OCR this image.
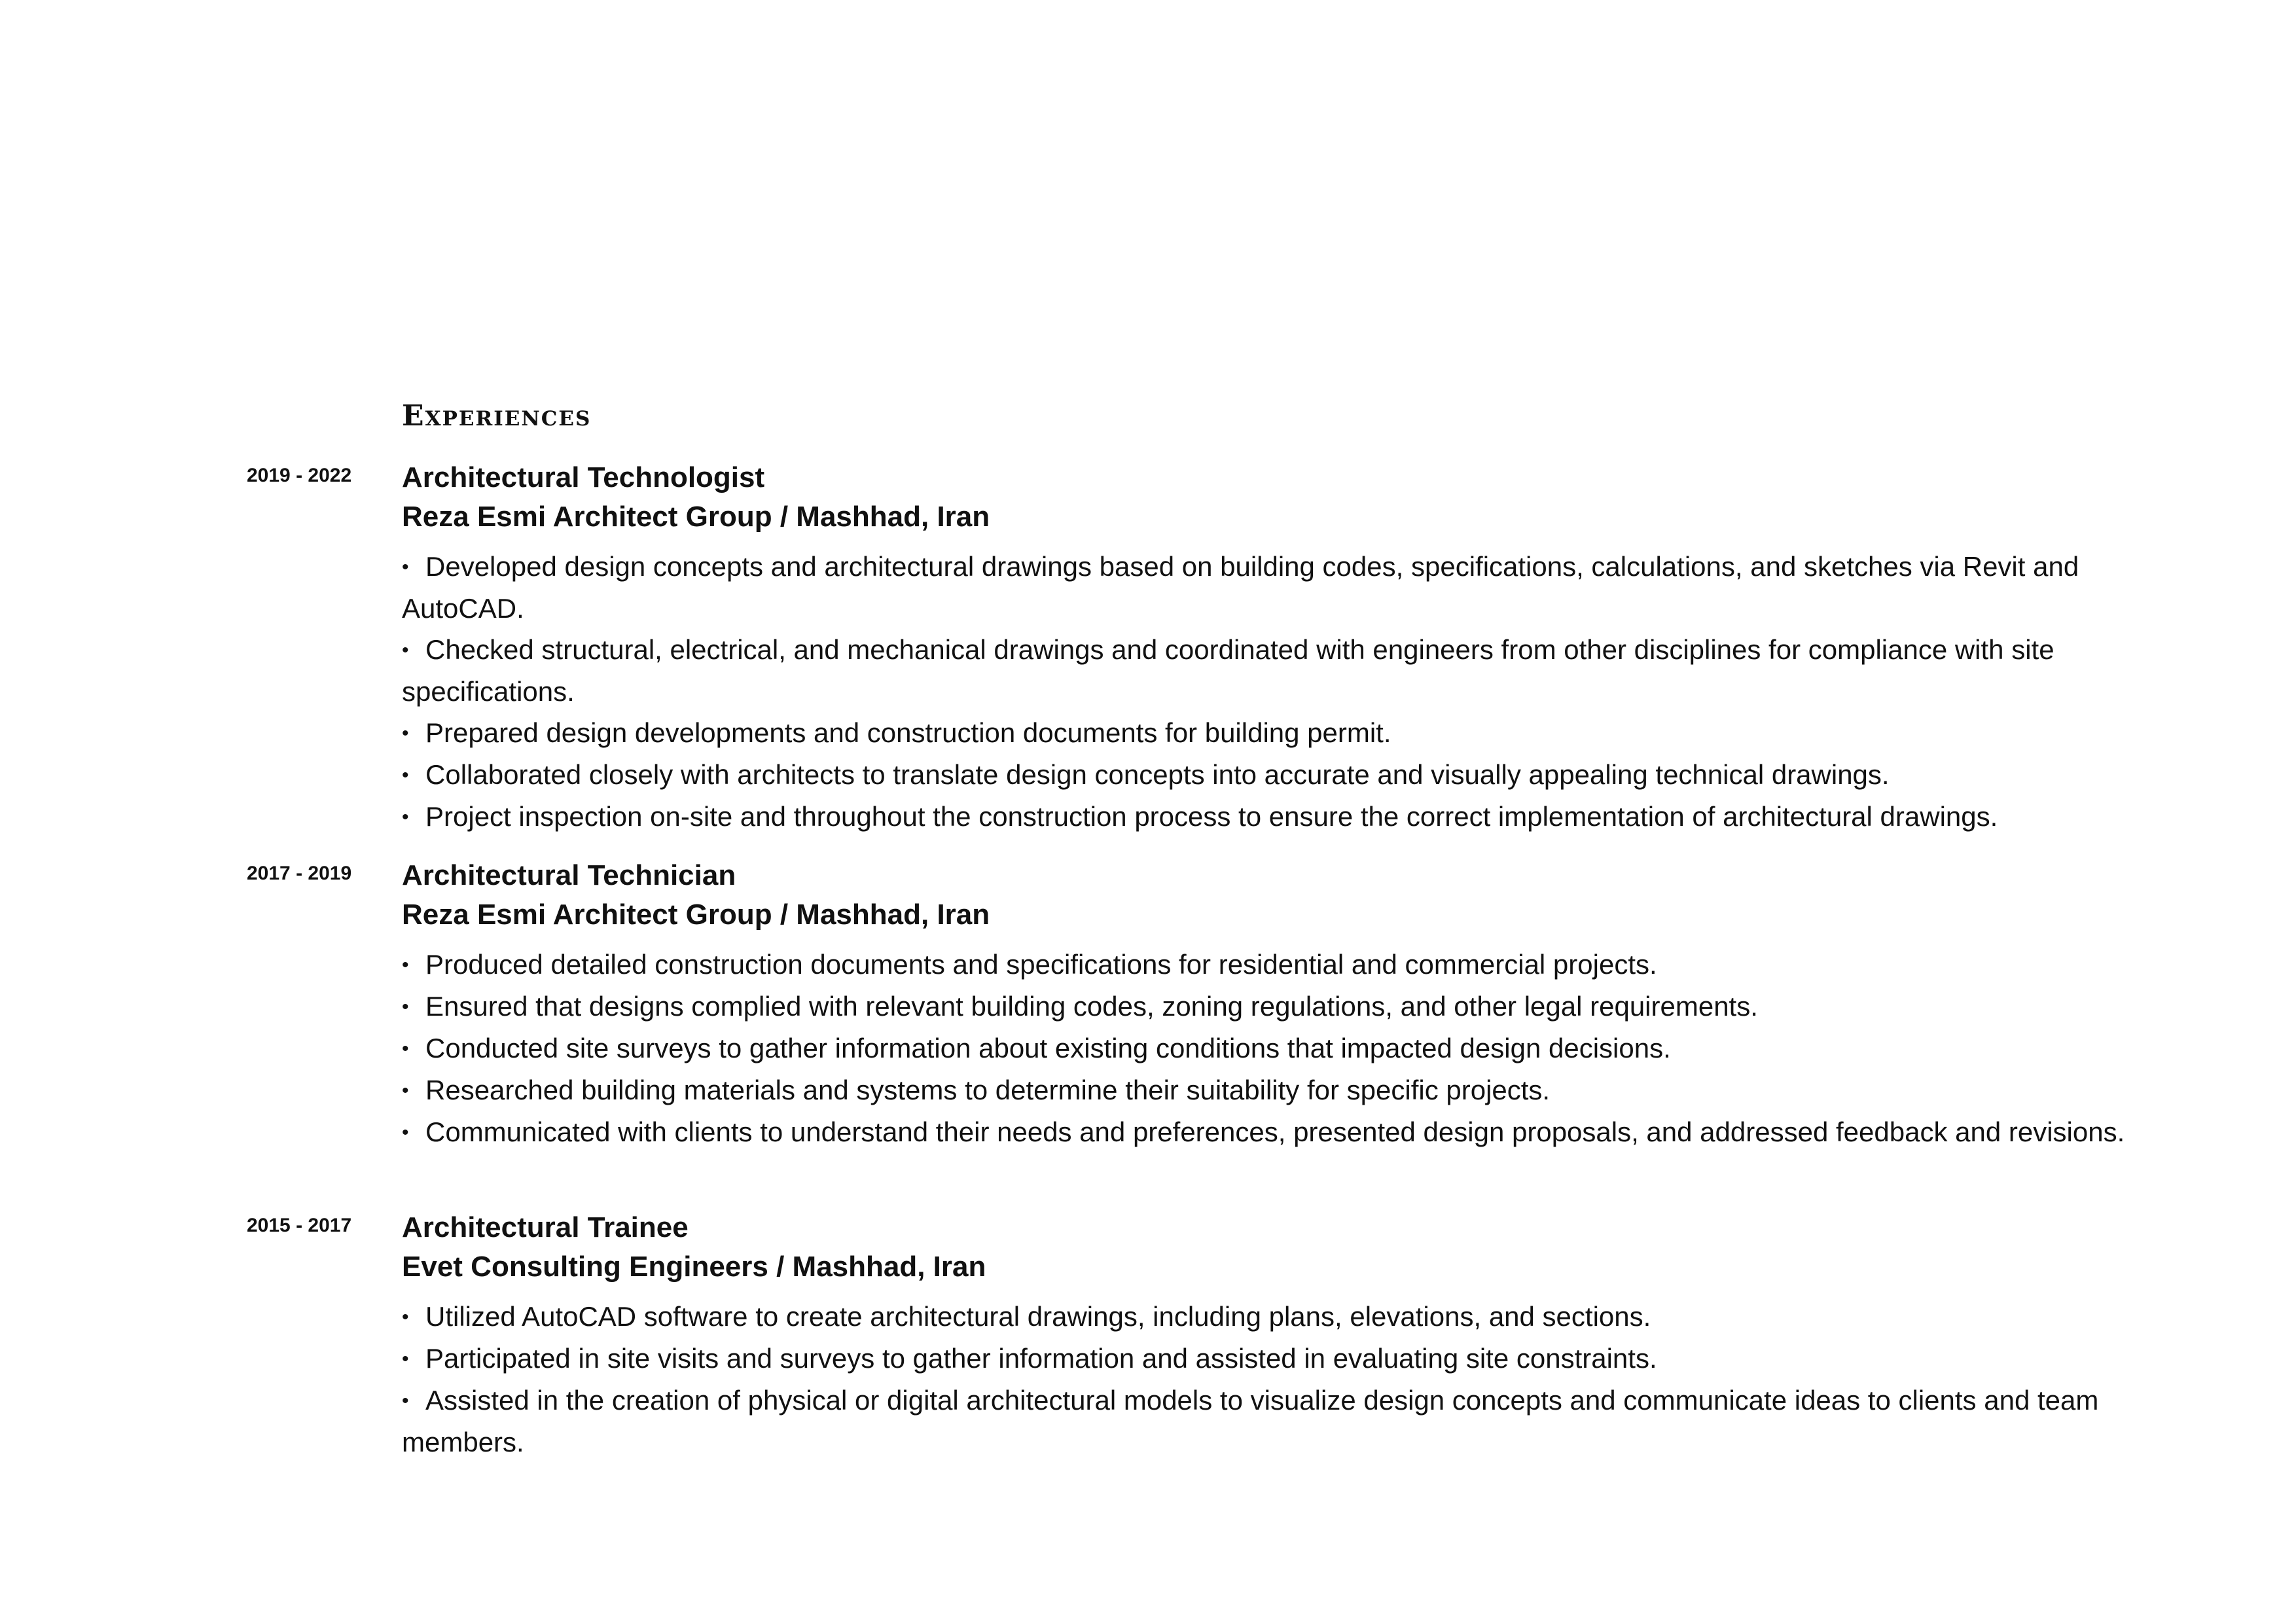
Experiences
2019 - 2022 Architectural Technologist
Reza Esmi Architect Group / Mashhad, Iran
• Developed design concepts and architectural drawings based on building codes, specifications, calculations, and sketches via Revit and AutoCAD.
• Checked structural, electrical, and mechanical drawings and coordinated with engineers from other disciplines for compliance with site specifications.
• Prepared design developments and construction documents for building permit.
• Collaborated closely with architects to translate design concepts into accurate and visually appealing technical drawings.
• Project inspection on-site and throughout the construction process to ensure the correct implementation of architectural drawings.
2017 - 2019 Architectural Technician
Reza Esmi Architect Group / Mashhad, Iran
• Produced detailed construction documents and specifications for residential and commercial projects.
• Ensured that designs complied with relevant building codes, zoning regulations, and other legal requirements.
• Conducted site surveys to gather information about existing conditions that impacted design decisions.
• Researched building materials and systems to determine their suitability for specific projects.
• Communicated with clients to understand their needs and preferences, presented design proposals, and addressed feedback and revisions.
2015 - 2017 Architectural Trainee
Evet Consulting Engineers / Mashhad, Iran
• Utilized AutoCAD software to create architectural drawings, including plans, elevations, and sections.
• Participated in site visits and surveys to gather information and assisted in evaluating site constraints.
• Assisted in the creation of physical or digital architectural models to visualize design concepts and communicate ideas to clients and team members.
